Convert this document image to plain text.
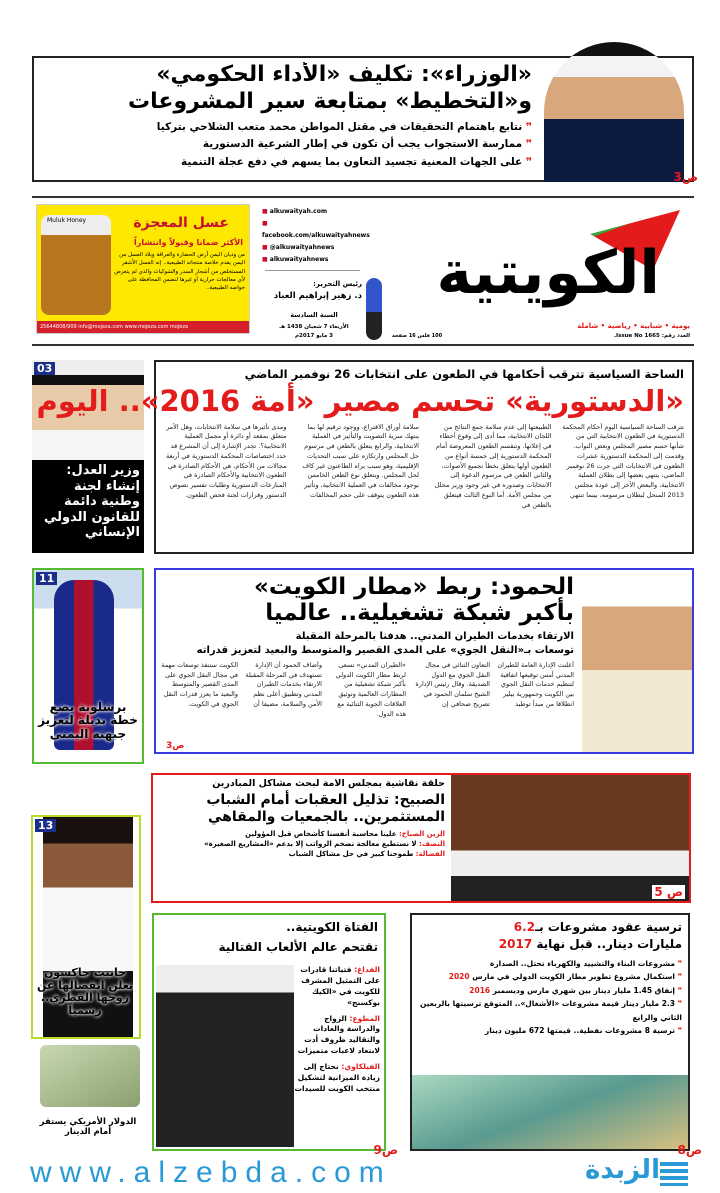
«الوزراء»: تكليف «الأداء الحكومي»
و«التخطيط» بمتابعة سير المشروعات
❞ نتابع باهتمام التحقيقات في مقتل المواطن محمد متعب الشلاحي بتركيا
❞ ممارسة الاستجواب يجب أن تكون في إطار الشرعية الدستورية
❞ على الجهات المعنية تجسيد التعاون بما يسهم في دفع عجلة التنمية
ص3
Muluk Honey	عسل المعجزة
الأكثر ضمانا وقبولاً وانتشاراً
من وديان اليمن أرض الحضارة والعراقة وبلاد العسل من اليمن يقدم خلاصة منتجاته الطبيعية.. إنه العسل الأشقر المستخلص من أشجار السدر والشوكيات والذي لم يتعرض لأي معالجات حرارية أو غيرها لنضمن المحافظة على خواصه الطبيعية..
25644808/909 info@mojeza.com www.mojeza.com mojeza
■ alkuwaityah.com
■ facebook.com/alkuwaityahnews
■ @alkuwaityahnews
■ alkuwaityahnews
رئيس التحرير:
د. زهير إبراهيم العباد الكويتية
يومية • شبابية • رياضية • شاملة
العدد رقم: 1665 Issue No.
100 فلس 16 صفحة
السنة السادسة
الأربعاء 7 شعبان 1438 هـ
3 مايو 2017م
03
وزير العدل: إنشاء لجنة وطنية دائمة للقانون الدولي الإنساني
الساحة السياسية تترقب أحكامها في الطعون على انتخابات 26 نوفمبر الماضي
«الدستورية» تحسم مصير «أمة 2016».. اليوم
تترقب الساحة السياسية اليوم أحكام المحكمة الدستورية في الطعون الانتخابية التي من شأنها حسم مصير المجلس وبعض النواب. وقدمت إلى المحكمة الدستورية عشرات الطعون في الانتخابات التي جرت 26 نوفمبر الماضي، ينتهي بعضها إلى بطلان العملية الانتخابية، والبعض الآخر إلى عودة مجلس 2013 المنحل لبطلان مرسومه، بينما تنتهي
الطبيعتها إلى عدم سلامة جمع النتائج من اللجان الانتخابية، مما أدى إلى وقوع أخطاء في إعلانها. وتنقسم الطعون المعروضة أمام المحكمة الدستورية إلى خمسة أنواع من الطعون أولها يتعلق بخطأ تجميع الأصوات، والثاني الطعن في مرسوم الدعوة إلى الانتخابات وصدوره في غير وجود وزير محلل من مجلس الأمة. أما النوع الثالث فيتعلق بالطعن في
سلامة أوراق الاقتراع، ووجود ترقيم لها بما ينتهك سرية التصويت والتأثير في العملية الانتخابية، والرابع يتعلق بالطعن في مرسوم حل المجلس وارتكازه على سبب التحديات الإقليمية، وهو سبب يراه الطاعنون غير كاف لحل المجلس. ويتعلق نوع الطعن الخامس بوجود مخالفات في العملية الانتخابية، وتأثير هذه الطعون يتوقف على حجم المخالفات
ومدى تأثيرها في سلامة الانتخابات، وهل الأمر متعلق بمقعد أو دائرة أو مجمل العملية الانتخابية؟. تجدر الإشارة إلى أن المشرع قد حدد اختصاصات المحكمة الدستورية في أربعة مجالات من الأحكام، هي الأحكام الصادرة في الطعون الانتخابية والأحكام الصادرة في المنازعات الدستورية وطلبات تفسير نصوص الدستور وقرارات لجنة فحص الطعون.
11
برشلونة يضع خطة بديلة لتعزيز جبهته اليمنى
الحمود: ربط «مطار الكويت»
بأكبر شبكة تشغيلية.. عالميا
الارتقاء بخدمات الطيران المدني.. هدفنا بالمرحلة المقبلة
توسعات بـ«النقل الجوي» على المدى القصير والمتوسط والبعيد لتعزيز قدراته
أعلنت الإدارة العامة للطيران المدني أمس توقيعها اتفاقية لتنظيم خدمات النقل الجوي بين الكويت وجمهورية بيليز انطلاقا من مبدأ توطيد
التعاون الثنائي في مجال النقل الجوي مع الدول الصديقة. وقال رئيس الإدارة الشيخ سلمان الحمود في تصريح صحافي إن
«الطيران المدني» تسعى لربط مطار الكويت الدولي بأكبر شبكة تشغيلية من المطارات العالمية وتوثيق العلاقات الجوية الثنائية مع هذه الدول.
وأضاف الحمود أن الإدارة تستهدف في المرحلة المقبلة الارتقاء بخدمات الطيران المدني وتطبيق أعلى نظم الأمن والسلامة، مضيفا أن
الكويت ستنفذ توسعات مهمة في مجال النقل الجوي على المدى القصير والمتوسط والبعيد ما يعزز قدرات النقل الجوي في الكويت.
ص3
حلقة نقاشية بمجلس الأمة لبحث مشاكل المبادرين
الصبيح: تذليل العقبات أمام الشباب المستثمرين.. بالجمعيات والمقاهي
الزين الصباح: علينا محاسبة أنفسنا كأشخاص قبل المؤولين
النصف: لا نستطيع معالجة تضخم الرواتب إلا بدعم «المشاريع الصغيرة»
الفضالة: طموحنا كبير في حل مشاكل الشباب
ص 5
13
جانيت جاكسون تعلن انفصالها عن زوجها القطري.. رسمياً
الدولار الأمريكي يستقر أمام الدينار
الفتاة الكويتية..
تقتحم عالم الألعاب القتالية
الفداغ: فتياتنا قادرات على التمثيل المشرف للكويت في «الكيك بوكسنج»
المطوع: الزواج والدراسة والعادات والتقاليد ظروف أدت لابتعاد لاعبات متميزات
الفيلكاوي: نحتاج إلى زيادة الميزانية لتشكيل منتخب الكويت للسيدات
ص9
ترسية عقود مشروعات بـ6.2
مليارات دينار.. قبل نهاية 2017
❞ مشروعات البناء والتشييد والكهرباء تحتل.. الصدارة
❞ استكمال مشروع تطوير مطار الكويت الدولي في مارس 2020
❞ إنفاق 1.45 مليار دينار بين شهري مارس وديسمبر 2016
❞ 2.3 مليار دينار قيمة مشروعات «الأشغال».. المتوقع ترسيتها بالربعين الثاني والرابع
❞ ترسية 8 مشروعات نفطية.. قيمتها 672 مليون دينار
ص8
www.alzebda.com	الزبدة
